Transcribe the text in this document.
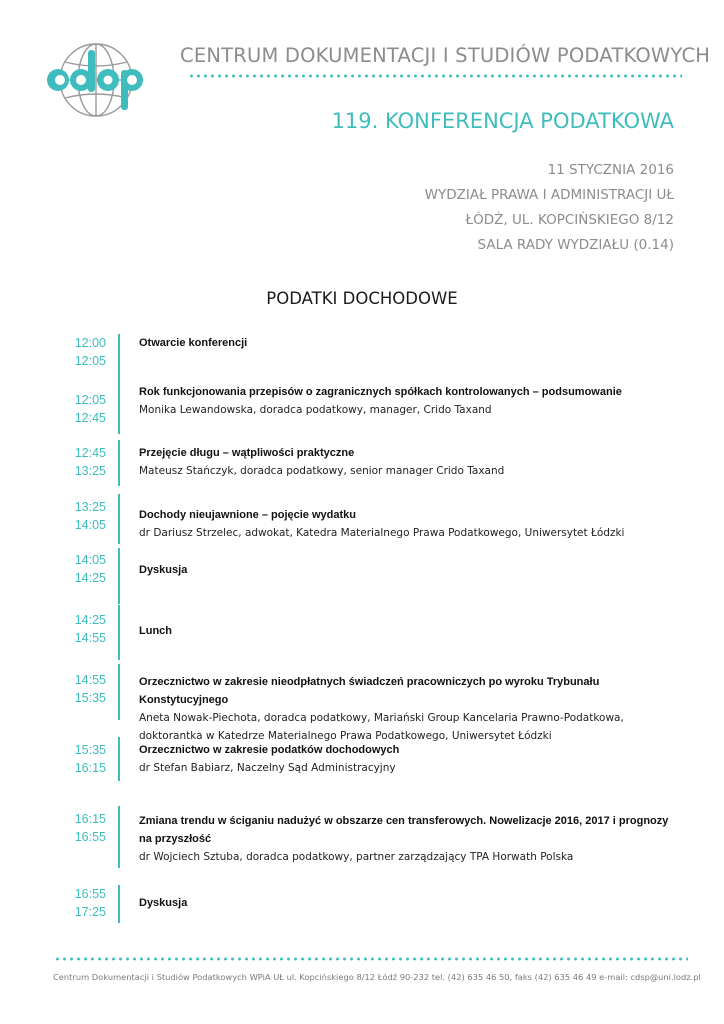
CENTRUM DOKUMENTACJI I STUDIÓW PODATKOWYCH
119. KONFERENCJA PODATKOWA
11 STYCZNIA 2016
WYDZIAŁ PRAWA I ADMINISTRACJI UŁ
ŁÓDŹ, UL. KOPCIŃSKIEGO 8/12
SALA RADY WYDZIAŁU (0.14)
PODATKI DOCHODOWE
12:00
12:05
Otwarcie konferencji
12:05
12:45
Rok funkcjonowania przepisów o zagranicznych spółkach kontrolowanych – podsumowanie
Monika Lewandowska, doradca podatkowy, manager, Crido Taxand
12:45
13:25
Przejęcie długu – wątpliwości praktyczne
Mateusz Stańczyk, doradca podatkowy, senior manager Crido Taxand
13:25
14:05
Dochody nieujawnione – pojęcie wydatku
dr Dariusz Strzelec, adwokat, Katedra Materialnego Prawa Podatkowego, Uniwersytet Łódzki
14:05
14:25
Dyskusja
14:25
14:55	Lunch
14:55
15:35
Orzecznictwo w zakresie nieodpłatnych świadczeń pracowniczych po wyroku Trybunału Konstytucyjnego
Aneta Nowak-Piechota, doradca podatkowy, Mariański Group Kancelaria Prawno-Podatkowa,
doktorantka w Katedrze Materialnego Prawa Podatkowego, Uniwersytet Łódzki
15:35
16:15
Orzecznictwo w zakresie podatków dochodowych
dr Stefan Babiarz, Naczelny Sąd Administracyjny
16:15
16:55
Zmiana trendu w ściganiu nadużyć w obszarze cen transferowych. Nowelizacje 2016, 2017 i prognozy na przyszłość
dr Wojciech Sztuba, doradca podatkowy, partner zarządzający TPA Horwath Polska
16:55
17:25
Dyskusja
Centrum Dokumentacji i Studiów Podatkowych WPiA UŁ ul. Kopcińskiego 8/12 Łódź 90-232 tel. (42) 635 46 50, faks (42) 635 46 49 e-mail: cdsp@uni.lodz.pl
